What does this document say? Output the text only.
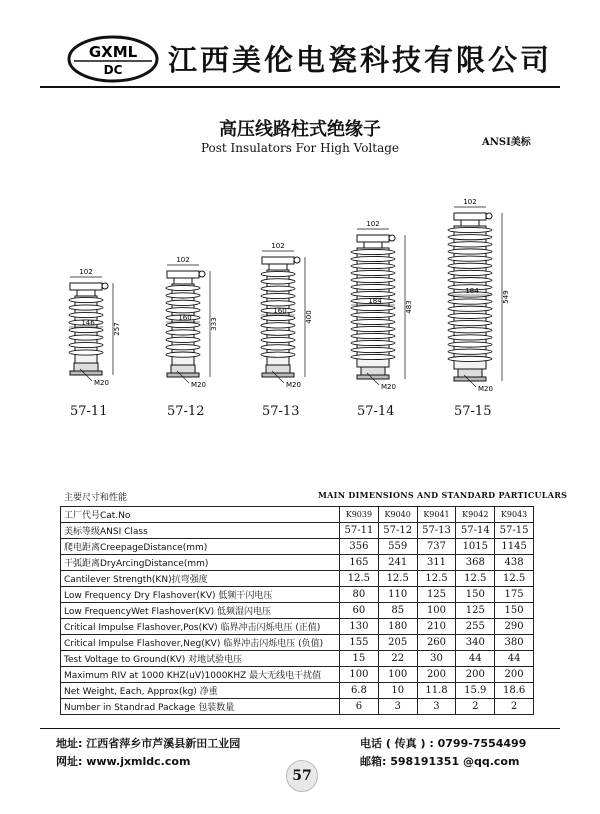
GXML
DC 江西美伦电瓷科技有限公司
高压线路柱式绝缘子
Post Insulators For High Voltage	ANSI美标
102
257
146
M20
102
333
160
M20
102
400
160
M20
102
483
184
M20
102
549
184
M20
57-11	57-12	57-13	57-14	57-15
主要尺寸和性能	MAIN DIMENSIONS AND STANDARD PARTICULARS
工厂代号Cat.No	K9039	K9040	K9041	K9042	K9043
美标等级ANSI Class	57-11	57-12	57-13	57-14	57-15
爬电距离CreepageDistance(mm)	356	559	737	1015	1145
干弧距离DryArcingDistance(mm)	165	241	311	368	438
Cantilever Strength(KN)抗弯强度	12.5	12.5	12.5	12.5	12.5
Low Frequency Dry Flashover(KV) 低频干闪电压	80	110	125	150	175
Low FrequencyWet Flashover(KV) 低频湿闪电压	60	85	100	125	150
Critical Impulse Flashover,Pos(KV) 临界冲击闪烁电压 (正值)	130	180	210	255	290
Critical Impulse Flashover,Neg(KV) 临界冲击闪烁电压 (负值)	155	205	260	340	380
Test Voltage to Ground(KV) 对地试验电压	15	22	30	44	44
Maximum RIV at 1000 KHZ(uV)1000KHZ 最大无线电干扰值	100	100	200	200	200
Net Weight, Each, Approx(kg) 净重	6.8	10	11.8	15.9	18.6
Number in Standrad Package 包装数量	6	3	3	2	2
地址: 江西省萍乡市芦溪县新田工业园	电话 ( 传真 ) : 0799-7554499
网址: www.jxmldc.com	邮箱: 598191351 @qq.com
57
